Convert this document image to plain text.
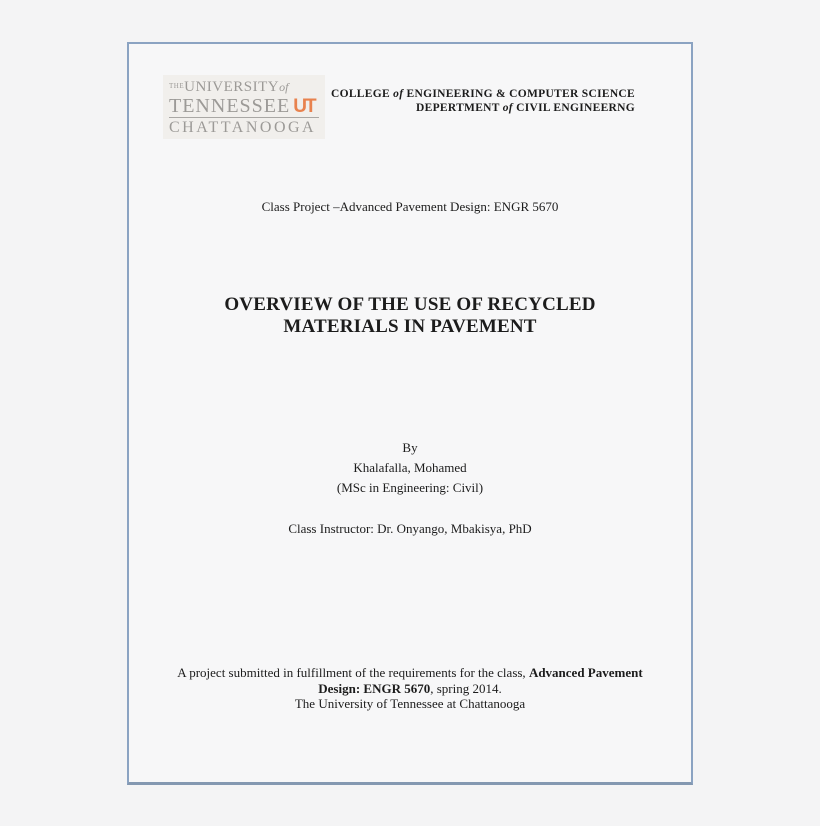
THEUNIVERSITYof
TENNESSEE UT
CHATTANOOGA
COLLEGE of ENGINEERING & COMPUTER SCIENCE
DEPERTMENT of CIVIL ENGINEERNG
Class Project –Advanced Pavement Design: ENGR 5670
OVERVIEW OF THE USE OF RECYCLED
MATERIALS IN PAVEMENT
By
Khalafalla, Mohamed
(MSc in Engineering: Civil)
Class Instructor: Dr. Onyango, Mbakisya, PhD
A project submitted in fulfillment of the requirements for the class, Advanced Pavement
Design: ENGR 5670, spring 2014.
The University of Tennessee at Chattanooga
